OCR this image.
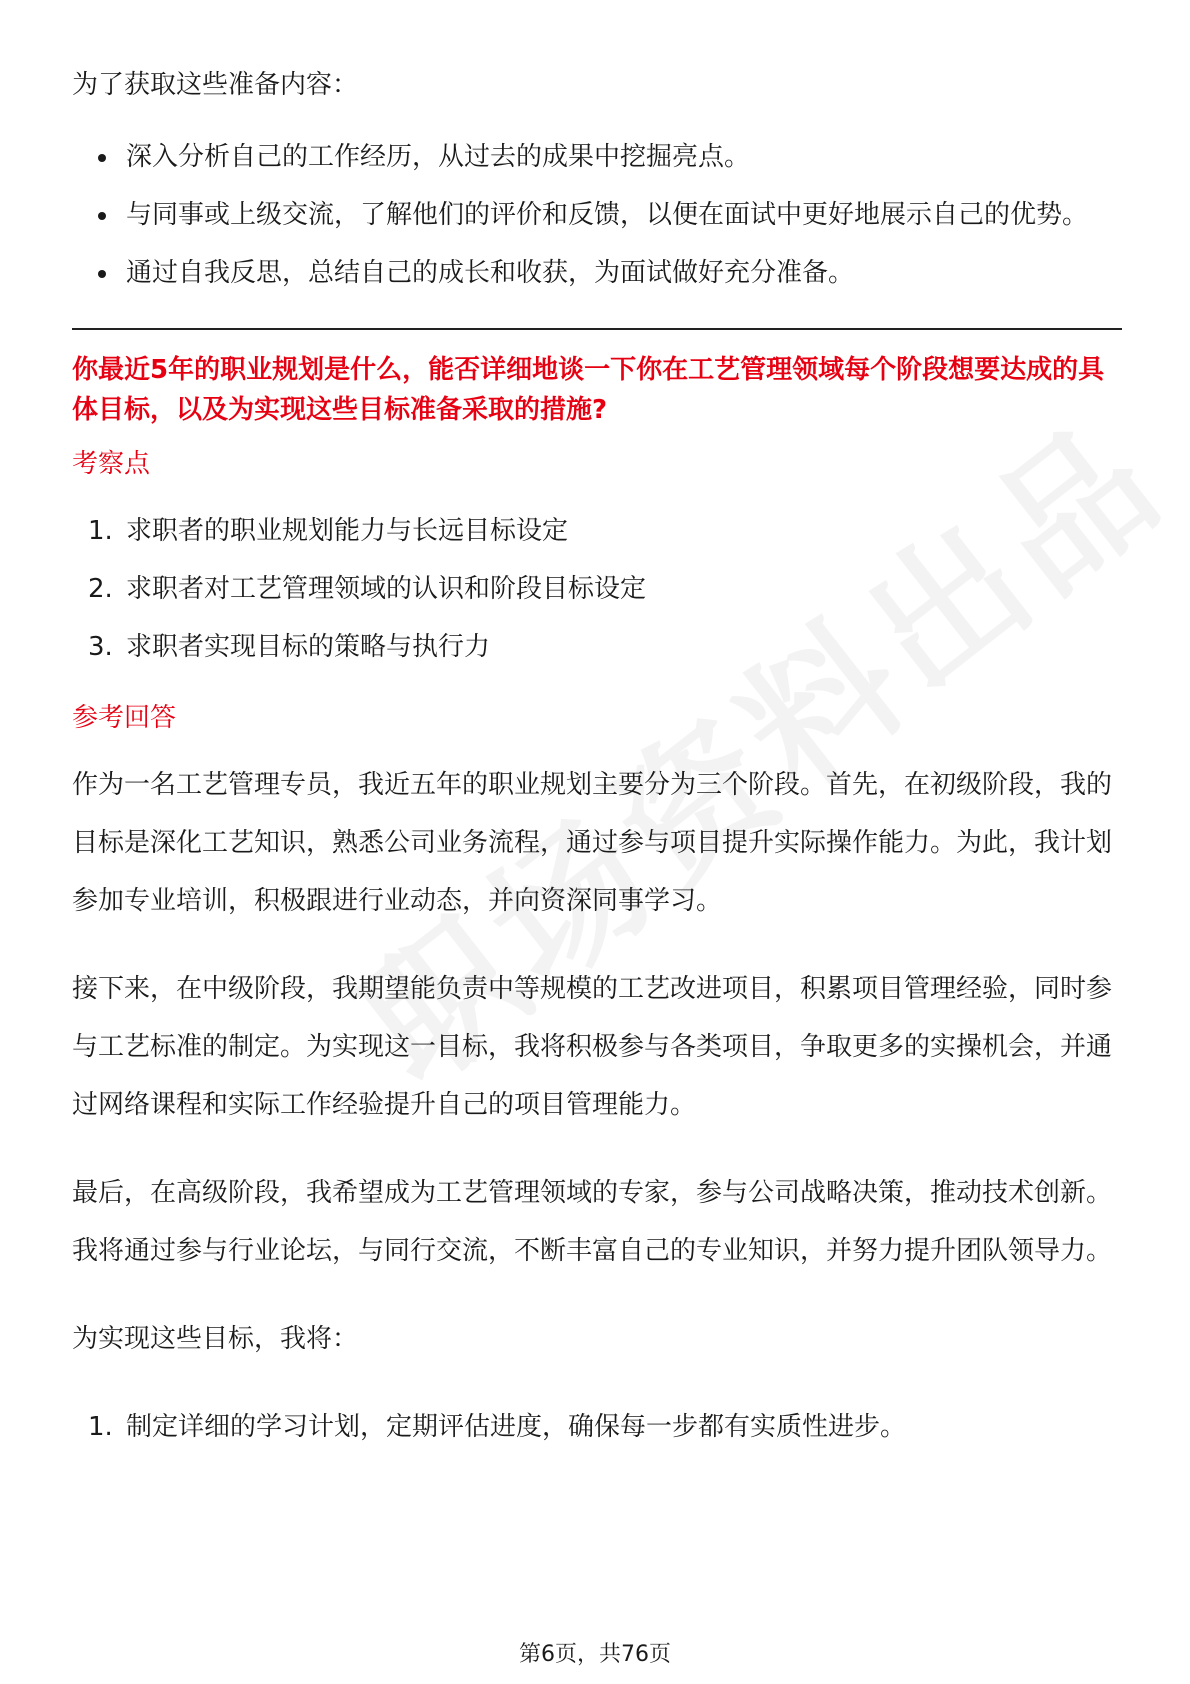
为了获取这些准备内容：

深入分析自己的工作经历，从过去的成果中挖掘亮点。
与同事或上级交流，了解他们的评价和反馈，以便在面试中更好地展示自己的优势。
通过自我反思，总结自己的成长和收获，为面试做好充分准备。
你最近5年的职业规划是什么，能否详细地谈一下你在工艺管理领域每个阶段想要达成的具体目标，以及为实现这些目标准备采取的措施?
考察点
1. 求职者的职业规划能力与长远目标设定
2. 求职者对工艺管理领域的认识和阶段目标设定
3. 求职者实现目标的策略与执行力
参考回答

作为一名工艺管理专员，我近五年的职业规划主要分为三个阶段。首先，在初级阶段，我的目标是深化工艺知识，熟悉公司业务流程，通过参与项目提升实际操作能力。为此，我计划参加专业培训，积极跟进行业动态，并向资深同事学习。

接下来，在中级阶段，我期望能负责中等规模的工艺改进项目，积累项目管理经验，同时参与工艺标准的制定。为实现这一目标，我将积极参与各类项目，争取更多的实操机会，并通过网络课程和实际工作经验提升自己的项目管理能力。

最后，在高级阶段，我希望成为工艺管理领域的专家，参与公司战略决策，推动技术创新。我将通过参与行业论坛，与同行交流，不断丰富自己的专业知识，并努力提升团队领导力。

为实现这些目标，我将：

1. 制定详细的学习计划，定期评估进度，确保每一步都有实质性进步。
第6页，共76页
